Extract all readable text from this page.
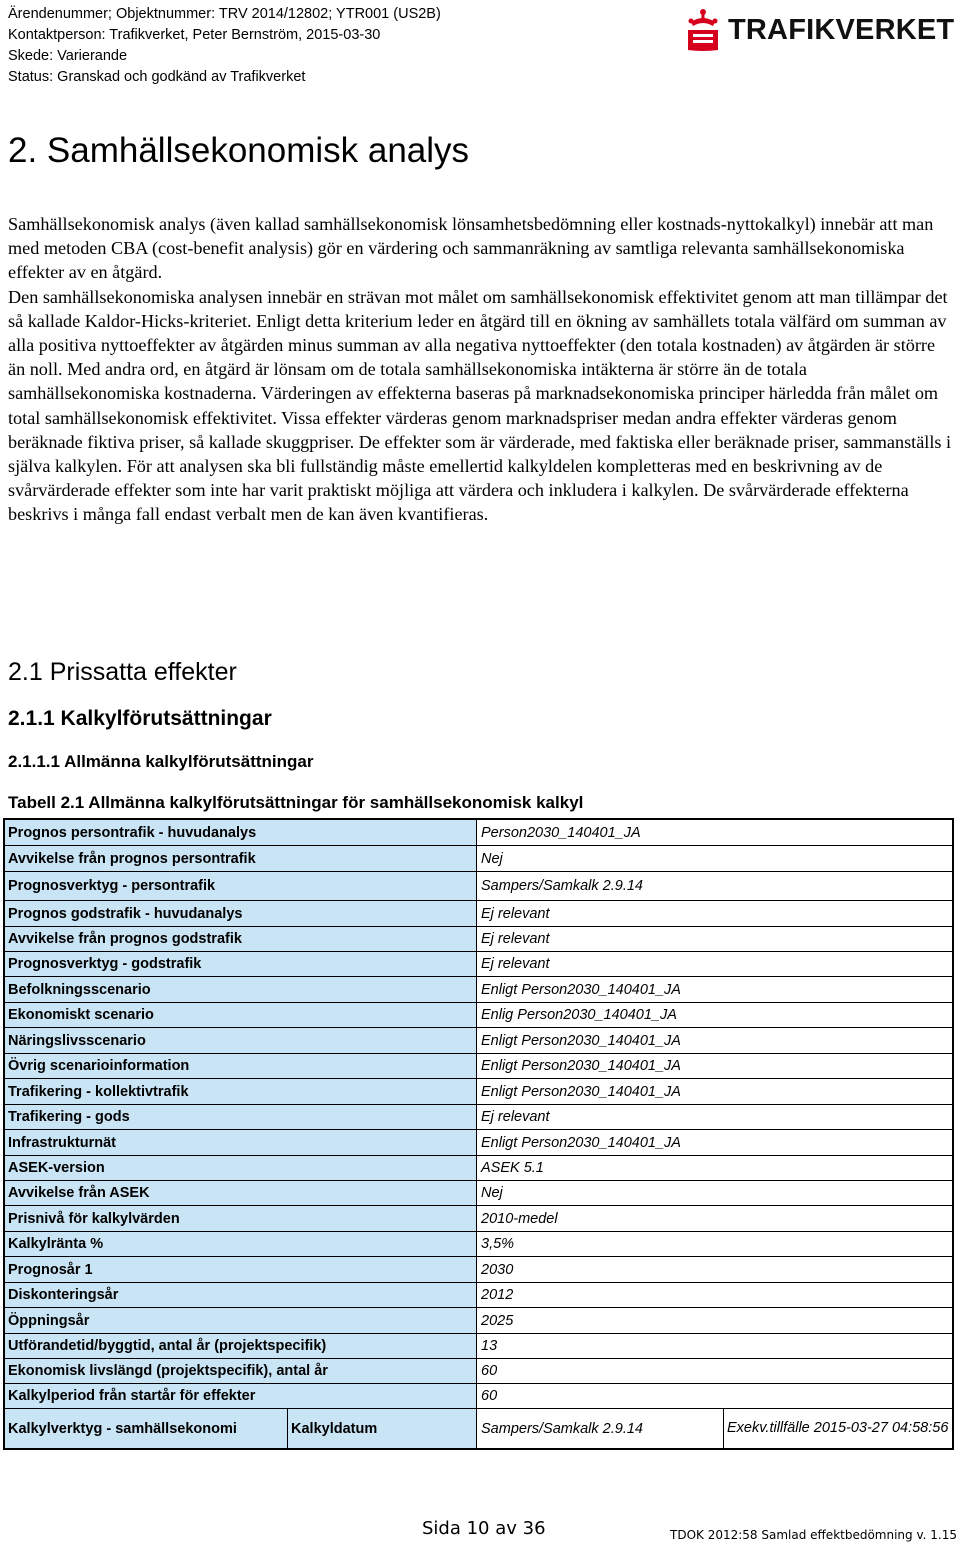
Ärendenummer; Objektnummer: TRV 2014/12802; YTR001 (US2B)
Kontaktperson: Trafikverket, Peter Bernström, 2015-03-30
Skede: Varierande
Status: Granskad och godkänd av Trafikverket
TRAFIKVERKET
2. Samhällsekonomisk analys

Samhällsekonomisk analys (även kallad samhällsekonomisk lönsamhetsbedömning eller kostnads-nyttokalkyl) innebär att man med metoden CBA (cost-benefit analysis) gör en värdering och sammanräkning av samtliga relevanta samhällsekonomiska effekter av en åtgärd.

Den samhällsekonomiska analysen innebär en strävan mot målet om samhällsekonomisk effektivitet genom att man tillämpar det så kallade Kaldor-Hicks-kriteriet. Enligt detta kriterium leder en åtgärd till en ökning av samhällets totala välfärd om summan av alla positiva nyttoeffekter av åtgärden minus summan av alla negativa nyttoeffekter (den totala kostnaden) av åtgärden är större än noll. Med andra ord, en åtgärd är lönsam om de totala samhällsekonomiska intäkterna är större än de totala samhällsekonomiska kostnaderna. Värderingen av effekterna baseras på marknadsekonomiska principer härledda från målet om total samhällsekonomisk effektivitet. Vissa effekter värderas genom marknadspriser medan andra effekter värderas genom beräknade fiktiva priser, så kallade skuggpriser. De effekter som är värderade, med faktiska eller beräknade priser, sammanställs i själva kalkylen. För att analysen ska bli fullständig måste emellertid kalkyldelen kompletteras med en beskrivning av de svårvärderade effekter som inte har varit praktiskt möjliga att värdera och inkludera i kalkylen. De svårvärderade effekterna beskrivs i många fall endast verbalt men de kan även kvantifieras.

2.1 Prissatta effekter
2.1.1 Kalkylförutsättningar
2.1.1.1 Allmänna kalkylförutsättningar
Tabell 2.1 Allmänna kalkylförutsättningar för samhällsekonomisk kalkyl
Prognos persontrafik - huvudanalys	Person2030_140401_JA
Avvikelse från prognos persontrafik	Nej
Prognosverktyg - persontrafik	Sampers/Samkalk 2.9.14
Prognos godstrafik - huvudanalys	Ej relevant
Avvikelse från prognos godstrafik	Ej relevant
Prognosverktyg - godstrafik	Ej relevant
Befolkningsscenario	Enligt Person2030_140401_JA
Ekonomiskt scenario	Enlig Person2030_140401_JA
Näringslivsscenario	Enligt Person2030_140401_JA
Övrig scenarioinformation	Enligt Person2030_140401_JA
Trafikering - kollektivtrafik	Enligt Person2030_140401_JA
Trafikering - gods	Ej relevant
Infrastrukturnät	Enligt Person2030_140401_JA
ASEK-version	ASEK 5.1
Avvikelse från ASEK	Nej
Prisnivå för kalkylvärden	2010-medel
Kalkylränta %	3,5%
Prognosår 1	2030
Diskonteringsår	2012
Öppningsår	2025
Utförandetid/byggtid, antal år (projektspecifik)	13
Ekonomisk livslängd (projektspecifik), antal år	60
Kalkylperiod från startår för effekter	60
Kalkylverktyg - samhällsekonomi	Kalkyldatum	Sampers/Samkalk 2.9.14	Exekv.tillfälle 2015-03-27 04:58:56
Sida 10 av 36	TDOK 2012:58 Samlad effektbedömning v. 1.15
